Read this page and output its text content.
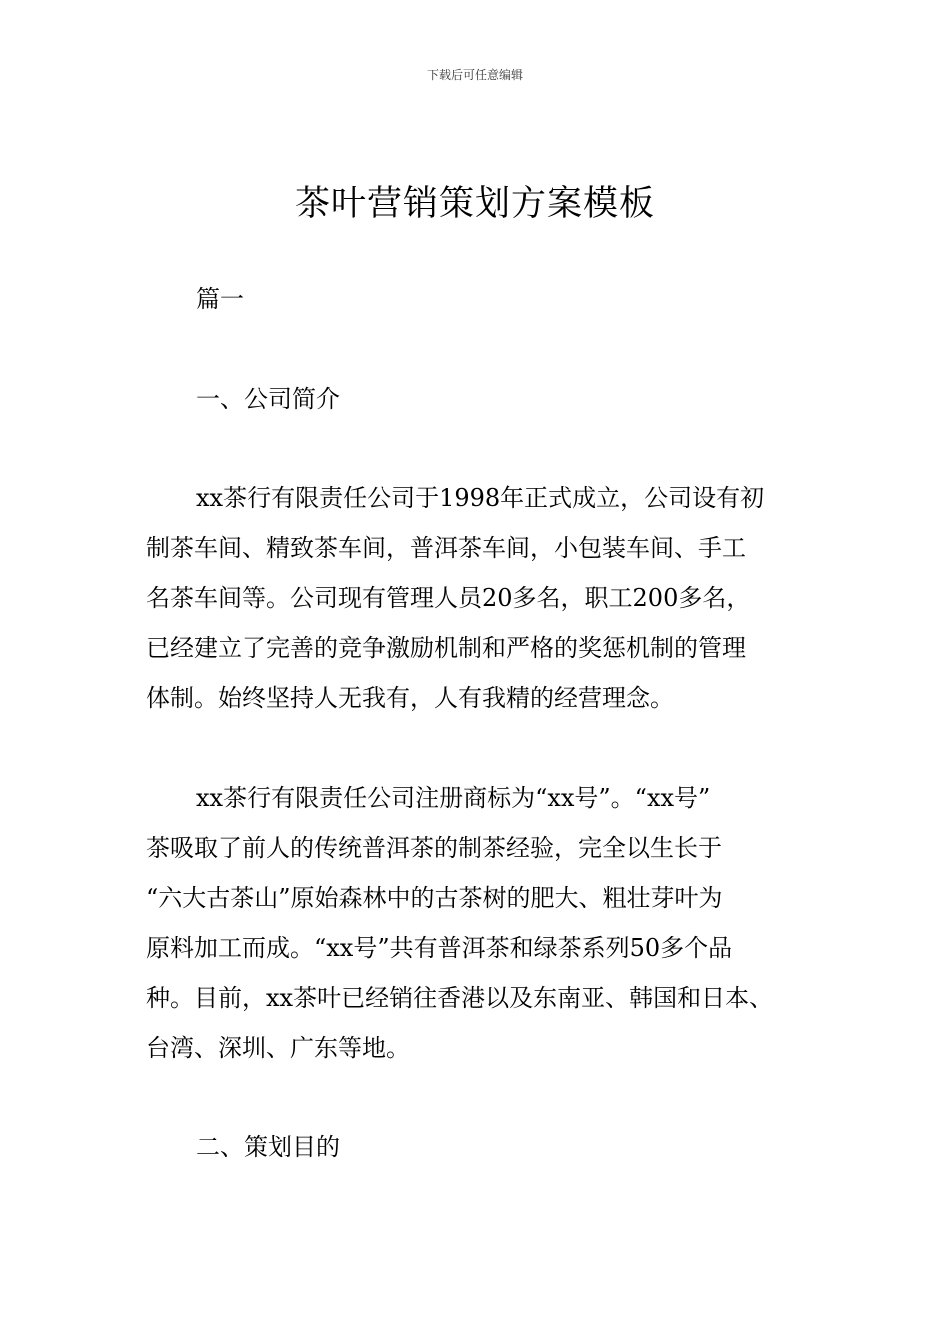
下载后可任意编辑
茶叶营销策划方案模板
篇一
一、公司简介
xx茶行有限责任公司于1998年正式成立，公司设有初
制茶车间、精致茶车间，普洱茶车间，小包装车间、手工
名茶车间等。公司现有管理人员20多名，职工200多名，
已经建立了完善的竞争激励机制和严格的奖惩机制的管理
体制。始终坚持人无我有，人有我精的经营理念。
xx茶行有限责任公司注册商标为“xx号”。“xx号”
茶吸取了前人的传统普洱茶的制茶经验，完全以生长于
“六大古茶山”原始森林中的古茶树的肥大、粗壮芽叶为
原料加工而成。“xx号”共有普洱茶和绿茶系列50多个品
种。目前，xx茶叶已经销往香港以及东南亚、韩国和日本、
台湾、深圳、广东等地。
二、策划目的
